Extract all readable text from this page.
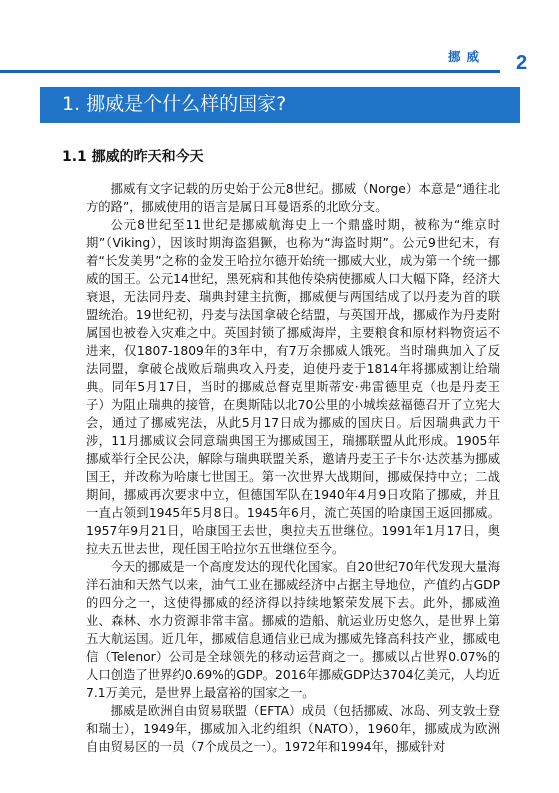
挪威	2
1. 挪威是个什么样的国家?
1.1 挪威的昨天和今天

挪威有文字记载的历史始于公元8世纪。挪威（Norge）本意是“通往北方的路”，挪威使用的语言是属日耳曼语系的北欧分支。

公元8世纪至11世纪是挪威航海史上一个鼎盛时期，被称为“维京时期”（Viking），因该时期海盗猖獗，也称为“海盗时期”。公元9世纪末，有着“长发美男”之称的金发王哈拉尔德开始统一挪威大业，成为第一个统一挪威的国王。公元14世纪，黑死病和其他传染病使挪威人口大幅下降，经济大衰退，无法同丹麦、瑞典封建主抗衡，挪威便与两国结成了以丹麦为首的联盟统治。19世纪初，丹麦与法国拿破仑结盟，与英国开战，挪威作为丹麦附属国也被卷入灾难之中。英国封锁了挪威海岸，主要粮食和原材料物资运不进来，仅1807-1809年的3年中，有7万余挪威人饿死。当时瑞典加入了反法同盟，拿破仑战败后瑞典攻入丹麦，迫使丹麦于1814年将挪威割让给瑞典。同年5月17日，当时的挪威总督克里斯蒂安·弗雷德里克（也是丹麦王子）为阻止瑞典的接管，在奥斯陆以北70公里的小城埃兹福德召开了立宪大会，通过了挪威宪法，从此5月17日成为挪威的国庆日。后因瑞典武力干涉，11月挪威议会同意瑞典国王为挪威国王，瑞挪联盟从此形成。1905年挪威举行全民公决，解除与瑞典联盟关系，邀请丹麦王子卡尔·达茨基为挪威国王，并改称为哈康七世国王。第一次世界大战期间，挪威保持中立；二战期间，挪威再次要求中立，但德国军队在1940年4月9日攻陷了挪威，并且一直占领到1945年5月8日。1945年6月，流亡英国的哈康国王返回挪威。1957年9月21日，哈康国王去世，奥拉夫五世继位。1991年1月17日，奥拉夫五世去世，现任国王哈拉尔五世继位至今。

今天的挪威是一个高度发达的现代化国家。自20世纪70年代发现大量海洋石油和天然气以来，油气工业在挪威经济中占据主导地位，产值约占GDP的四分之一，这使得挪威的经济得以持续地繁荣发展下去。此外，挪威渔业、森林、水力资源非常丰富。挪威的造船、航运业历史悠久，是世界上第五大航运国。近几年，挪威信息通信业已成为挪威先锋高科技产业，挪威电信（Telenor）公司是全球领先的移动运营商之一。挪威以占世界0.07%的人口创造了世界约0.69%的GDP。2016年挪威GDP达3704亿美元，人均近7.1万美元，是世界上最富裕的国家之一。

挪威是欧洲自由贸易联盟（EFTA）成员（包括挪威、冰岛、列支敦士登和瑞士），1949年，挪威加入北约组织（NATO），1960年，挪威成为欧洲自由贸易区的一员（7个成员之一）。1972年和1994年，挪威针对
